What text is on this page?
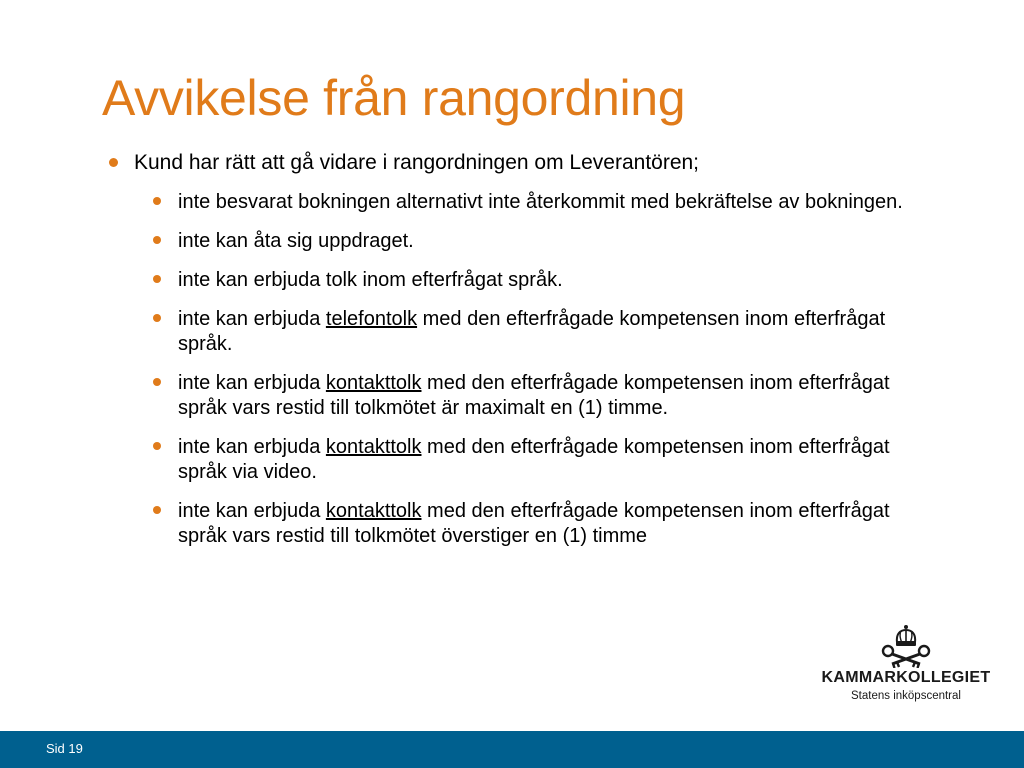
Avvikelse från rangordning
Kund har rätt att gå vidare i rangordningen om Leverantören;
inte besvarat bokningen alternativt inte återkommit med bekräftelse av bokningen.
inte kan åta sig uppdraget.
inte kan erbjuda tolk inom efterfrågat språk.
inte kan erbjuda telefontolk med den efterfrågade kompetensen inom efterfrågat språk.
inte kan erbjuda kontakttolk med den efterfrågade kompetensen inom efterfrågat språk vars restid till tolkmötet är maximalt en (1) timme.
inte kan erbjuda kontakttolk med den efterfrågade kompetensen inom efterfrågat språk via video.
inte kan erbjuda kontakttolk med den efterfrågade kompetensen inom efterfrågat språk vars restid till tolkmötet överstiger en (1) timme
KAMMARKOLLEGIET
Statens inköpscentral
Sid 19
